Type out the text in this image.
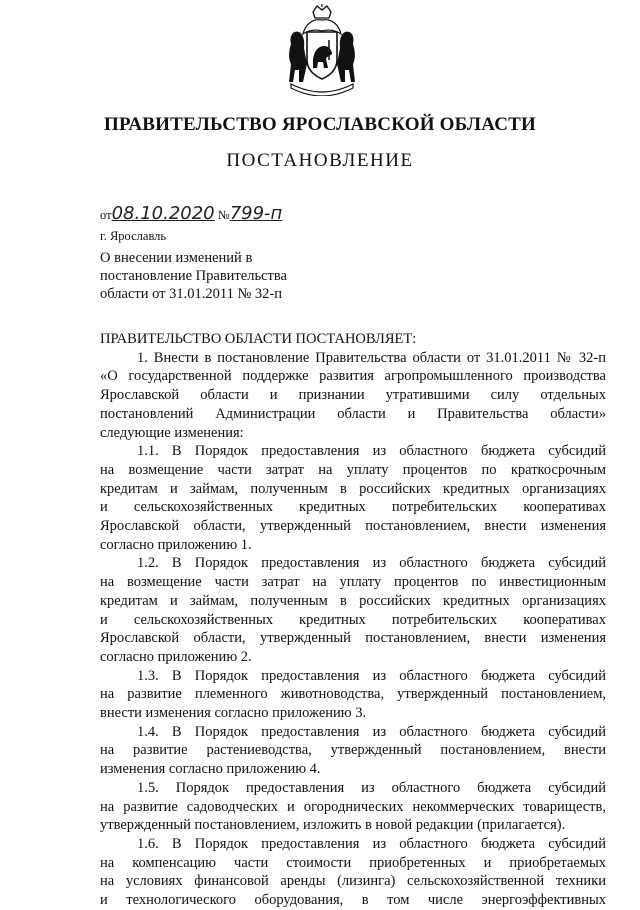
ПРАВИТЕЛЬСТВО ЯРОСЛАВСКОЙ ОБЛАСТИ
ПОСТАНОВЛЕНИЕ
от08.10.2020 №799-п
г. Ярославль
О внесении изменений в
постановление Правительства
области от 31.01.2011 № 32-п
ПРАВИТЕЛЬСТВО ОБЛАСТИ ПОСТАНОВЛЯЕТ:
1. Внести в постановление Правительства области от 31.01.2011 № 32-п
«О государственной поддержке развития агропромышленного производства
Ярославской области и признании утратившими силу отдельных
постановлений Администрации области и Правительства области»
следующие изменения:
1.1. В Порядок предоставления из областного бюджета субсидий
на возмещение части затрат на уплату процентов по краткосрочным
кредитам и займам, полученным в российских кредитных организациях
и сельскохозяйственных кредитных потребительских кооперативах
Ярославской области, утвержденный постановлением, внести изменения
согласно приложению 1.
1.2. В Порядок предоставления из областного бюджета субсидий
на возмещение части затрат на уплату процентов по инвестиционным
кредитам и займам, полученным в российских кредитных организациях
и сельскохозяйственных кредитных потребительских кооперативах
Ярославской области, утвержденный постановлением, внести изменения
согласно приложению 2.
1.3. В Порядок предоставления из областного бюджета субсидий
на развитие племенного животноводства, утвержденный постановлением,
внести изменения согласно приложению 3.
1.4. В Порядок предоставления из областного бюджета субсидий
на развитие растениеводства, утвержденный постановлением, внести
изменения согласно приложению 4.
1.5. Порядок предоставления из областного бюджета субсидий
на развитие садоводческих и огороднических некоммерческих товариществ,
утвержденный постановлением, изложить в новой редакции (прилагается).
1.6. В Порядок предоставления из областного бюджета субсидий
на компенсацию части стоимости приобретенных и приобретаемых
на условиях финансовой аренды (лизинга) сельскохозяйственной техники
и технологического оборудования, в том числе энергоэффективных
